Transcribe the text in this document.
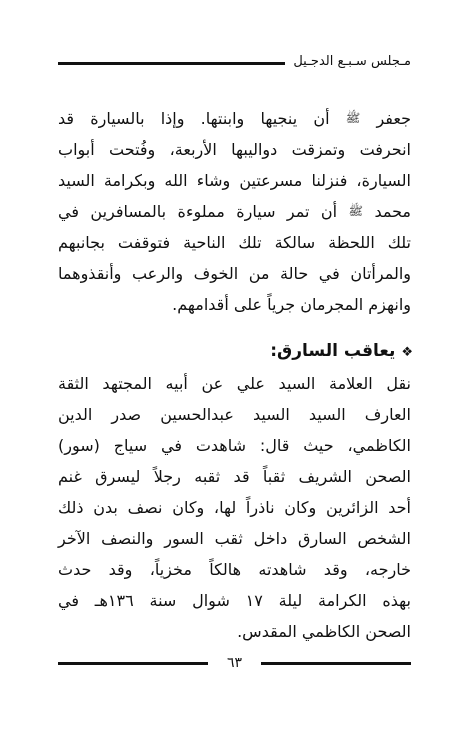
مـجلس سـبـع الدجـيل
جعفر ﷺ أن ينجيها وابنتها. وإذا بالسيارة قد
انحرفت وتمزقت دواليبها الأربعة، وفُتحت أبواب
السيارة، فنزلنا مسرعتين وشاء الله وبكرامة السيد
محمد ﷺ أن تمر سيارة مملوءة بالمسافرين في
تلك اللحظة سالكة تلك الناحية فتوقفت بجانبهم
والمرأتان في حالة من الخوف والرعب وأنقذوهما
وانهزم المجرمان جرياً على أقدامهم.
❖يعاقب السارق:
نقل العلامة السيد علي عن أبيه المجتهد الثقة
العارف السيد السيد عبدالحسين صدر الدين
الكاظمي، حيث قال: شاهدت في سياج (سور)
الصحن الشريف ثقباً قد ثقبه رجلاً ليسرق غنم
أحد الزائرين وكان ناذراً لها، وكان نصف بدن ذلك
الشخص السارق داخل ثقب السور والنصف الآخر
خارجه، وقد شاهدته هالكاً مخزياً، وقد حدث
بهذه الكرامة ليلة ١٧ شوال سنة ١٣٦هـ في
الصحن الكاظمي المقدس.
٦٣
